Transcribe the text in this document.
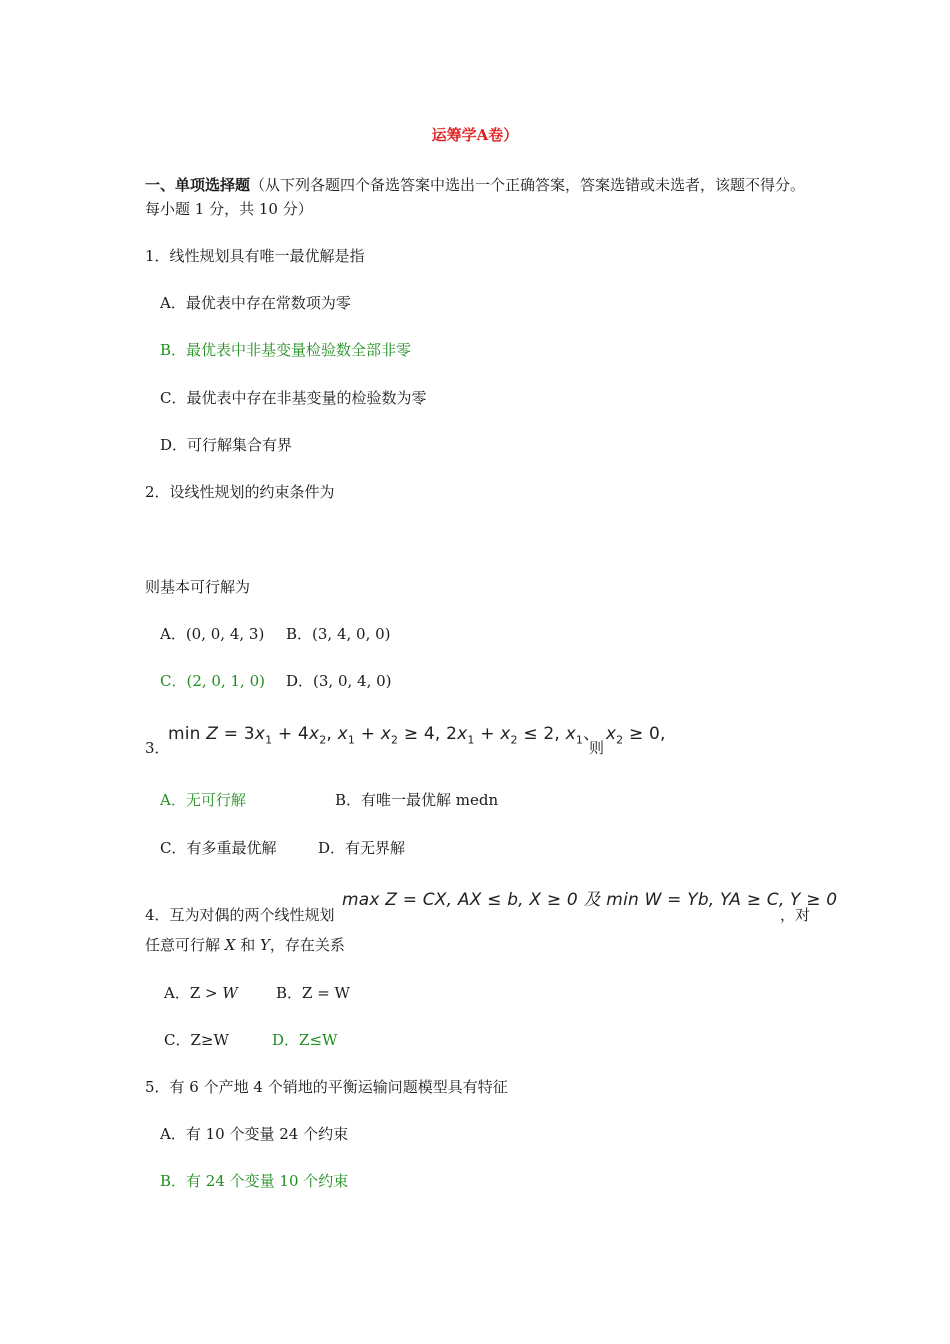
运筹学A卷）
一、单项选择题（从下列各题四个备选答案中选出一个正确答案，答案选错或未选者，该题不得分。
每小题 1 分，共 10 分）
1．线性规划具有唯一最优解是指
A．最优表中存在常数项为零
B．最优表中非基变量检验数全部非零
C．最优表中存在非基变量的检验数为零
D．可行解集合有界
2．设线性规划的约束条件为
则基本可行解为
A．(0, 0, 4, 3) B．(3, 4, 0, 0)
C．(2, 0, 1, 0) D．(3, 0, 4, 0)
3．
$\min Z = 3x_1 + 4x_2$, $x_1 + x_2 \ge 4$, $2x_1 + x_2 \le 2$, $x_1$、 $x_2 \ge 0$,
则
A．无可行解	B．有唯一最优解 medn
C．有多重最优解	D．有无界解
max Z = CX, AX ≤ b, X ≥ 0 及 min W = Yb, YA ≥ C, Y ≥ 0
4．互为对偶的两个线性规划	，对
任意可行解 X 和 Y，存在关系
A．Z > W	B．Z = W
C．Z≥W	D．Z≤W
5．有 6 个产地 4 个销地的平衡运输问题模型具有特征
A．有 10 个变量 24 个约束
B．有 24 个变量 10 个约束
